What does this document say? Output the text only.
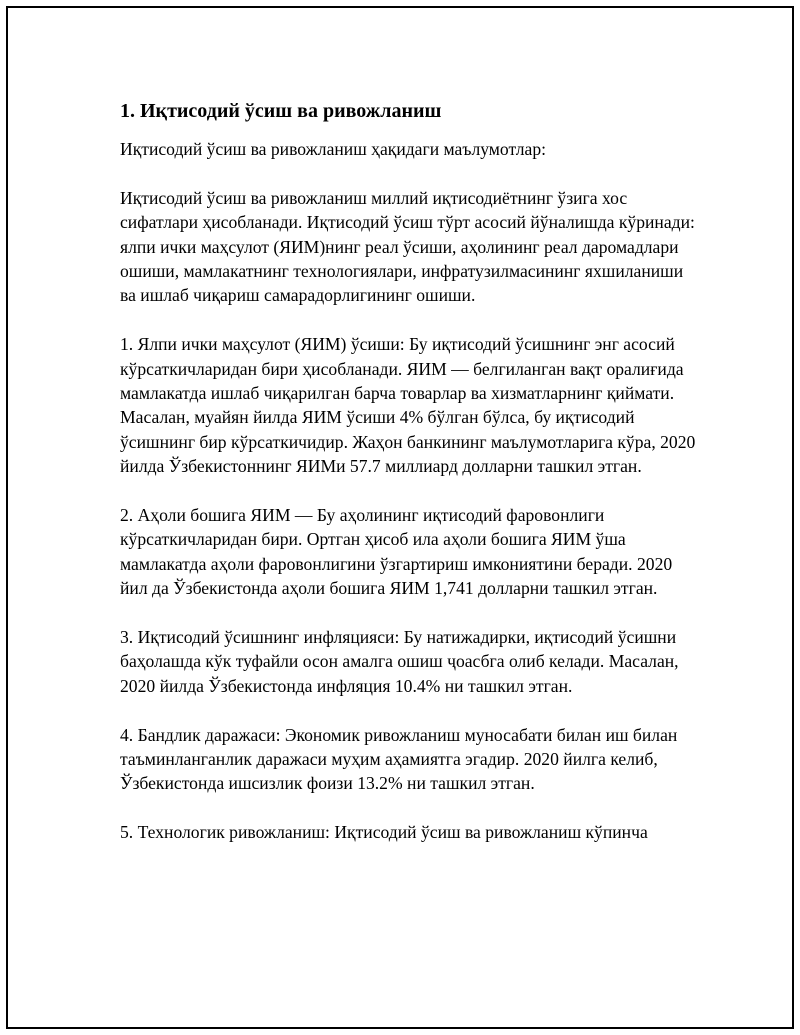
1. Иқтисодий ўсиш ва ривожланиш

Иқтисодий ўсиш ва ривожланиш ҳақидаги маълумотлар:

Иқтисодий ўсиш ва ривожланиш миллий иқтисодиётнинг ўзига хос сифатлари ҳисобланади. Иқтисодий ўсиш тўрт асосий йўналишда кўринади: ялпи ички маҳсулот (ЯИМ)нинг реал ўсиши, аҳолининг реал даромадлари ошиши, мамлакатнинг технологиялари, инфратузилмасининг яхшиланиши ва ишлаб чиқариш самарадорлигининг ошиши.

1. Ялпи ички маҳсулот (ЯИМ) ўсиши: Бу иқтисодий ўсишнинг энг асосий кўрсаткичларидан бири ҳисобланади. ЯИМ — белгиланган вақт оралиғида мамлакатда ишлаб чиқарилган барча товарлар ва хизматларнинг қиймати. Масалан, муайян йилда ЯИМ ўсиши 4% бўлган бўлса, бу иқтисодий ўсишнинг бир кўрсаткичидир. Жаҳон банкининг маълумотларига кўра, 2020 йилда Ўзбекистоннинг ЯИМи 57.7 миллиард долларни ташкил этган.

2. Аҳоли бошига ЯИМ — Бу аҳолининг иқтисодий фаровонлиги кўрсаткичларидан бири. Ортган ҳисоб ила аҳоли бошига ЯИМ ўша мамлакатда аҳоли фаровонлигини ўзгартириш имкониятини беради. 2020 йил да Ўзбекистонда аҳоли бошига ЯИМ 1,741 долларни ташкил этган.

3. Иқтисодий ўсишнинг инфляцияси: Бу натижадирки, иқтисодий ўсишни баҳолашда кўк туфайли осон амалга ошиш ҷоасбга олиб келади. Масалан, 2020 йилда Ўзбекистонда инфляция 10.4% ни ташкил этган.

4. Бандлик даражаси: Экономик ривожланиш муносабати билан иш билан таъминланганлик даражаси муҳим аҳамиятга эгадир. 2020 йилга келиб, Ўзбекистонда ишсизлик фоизи 13.2% ни ташкил этган.

5. Технологик ривожланиш: Иқтисодий ўсиш ва ривожланиш кўпинча
